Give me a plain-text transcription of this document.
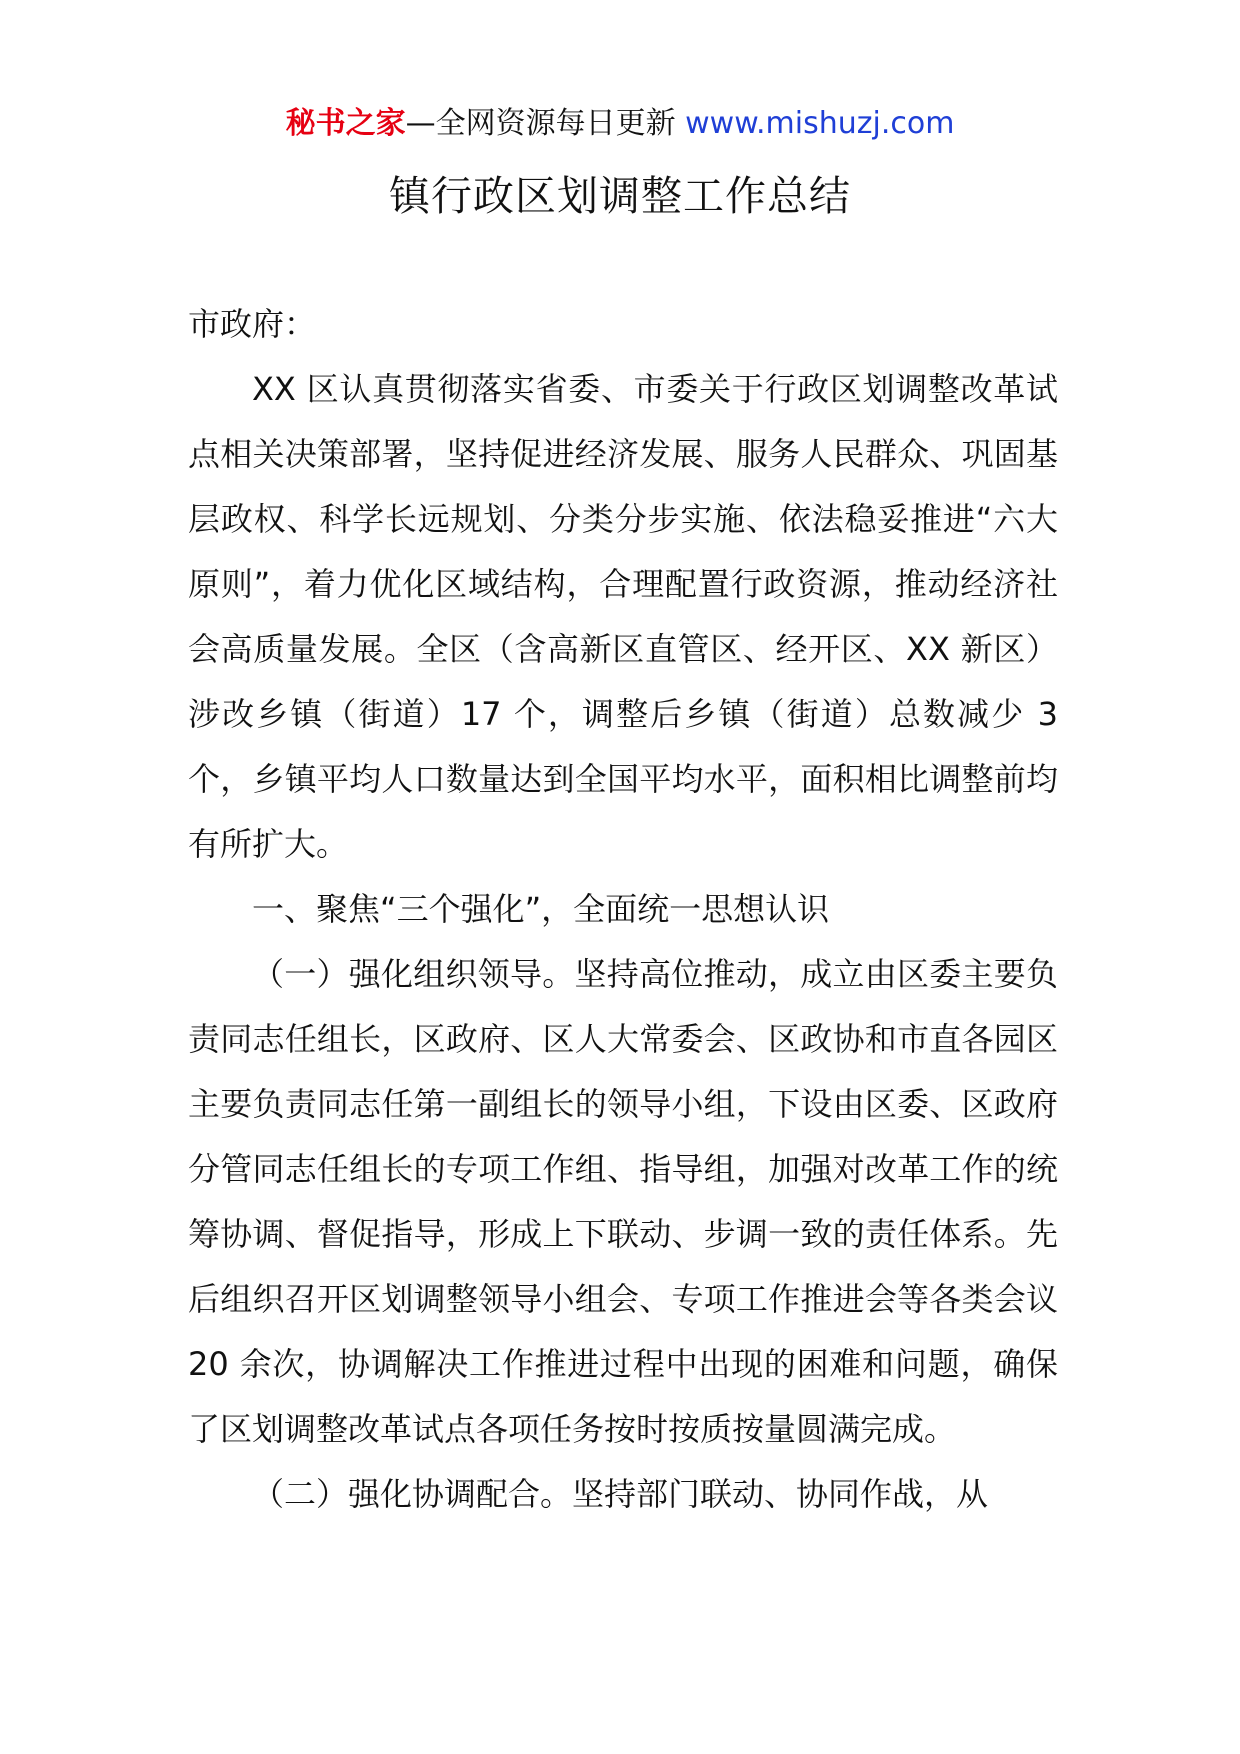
秘书之家—全网资源每日更新 www.mishuzj.com
镇行政区划调整工作总结

市政府：

XX 区认真贯彻落实省委、市委关于行政区划调整改革试点相关决策部署，坚持促进经济发展、服务人民群众、巩固基层政权、科学长远规划、分类分步实施、依法稳妥推进“六大原则”，着力优化区域结构，合理配置行政资源，推动经济社会高质量发展。全区（含高新区直管区、经开区、XX 新区）涉改乡镇（街道）17 个，调整后乡镇（街道）总数减少 3 个，乡镇平均人口数量达到全国平均水平，面积相比调整前均有所扩大。

一、聚焦“三个强化”，全面统一思想认识

（一）强化组织领导。坚持高位推动，成立由区委主要负责同志任组长，区政府、区人大常委会、区政协和市直各园区主要负责同志任第一副组长的领导小组，下设由区委、区政府分管同志任组长的专项工作组、指导组，加强对改革工作的统筹协调、督促指导，形成上下联动、步调一致的责任体系。先后组织召开区划调整领导小组会、专项工作推进会等各类会议 20 余次，协调解决工作推进过程中出现的困难和问题，确保了区划调整改革试点各项任务按时按质按量圆满完成。

（二）强化协调配合。坚持部门联动、协同作战，从
